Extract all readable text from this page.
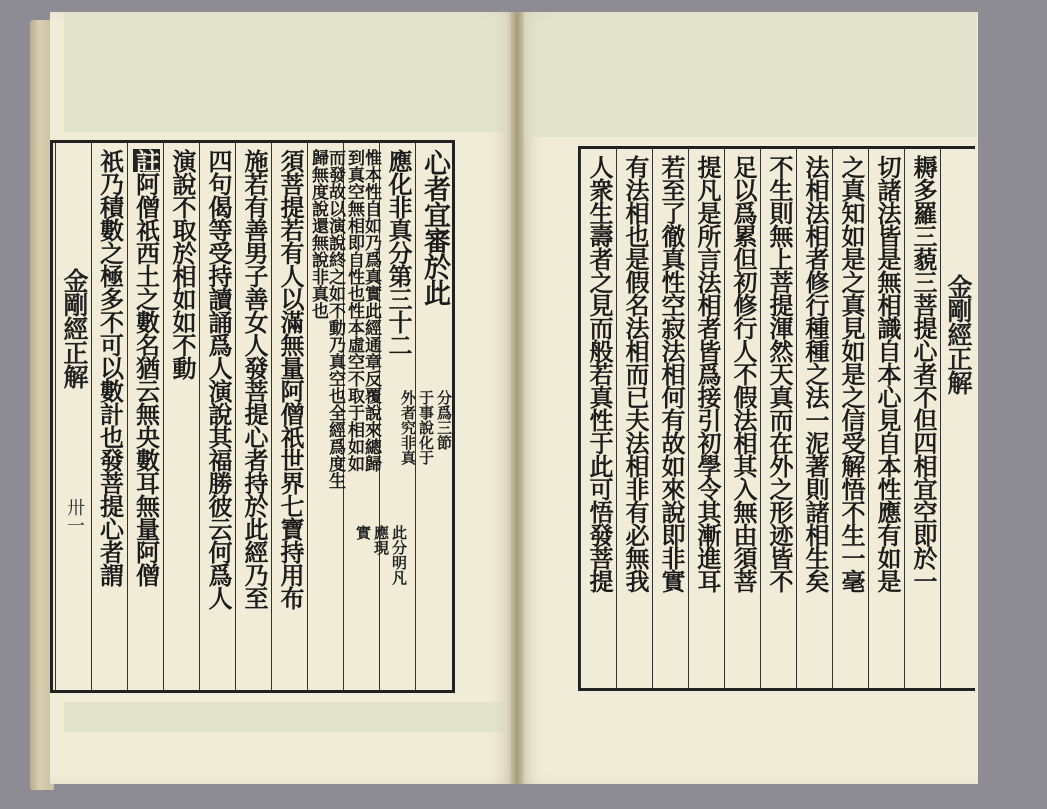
心者宜審於此
應化非真分第三十二
惟本性自如乃爲真實此經通章反覆說來總歸
到真空無相即自性也性本虛空不取于相如如
而發故以演說終之如不動乃真空也全經爲度生
歸無度說還無說非真也
須菩提若有人以滿無量阿僧祇世界七寶持用布
施若有善男子善女人發菩提心者持於此經乃至
四句偈等受持讀誦爲人演說其福勝彼云何爲人
演說不取於相如如不動
註阿僧祇西土之數名猶云無央數耳無量阿僧
祇乃積數之極多不可以數計也發菩提心者謂
金剛經正解
卅一
分爲三節
于事說化于
外者究非真
此分明凡
應現
實
金剛經正解
耨多羅三藐三菩提心者不但四相宜空即於一
切諸法皆是無相識自本心見自本性應有如是
之真知如是之真見如是之信受解悟不生一毫
法相法相者修行種種之法一泥著則諸相生矣
不生則無上菩提渾然天真而在外之形迹皆不
足以爲累但初修行人不假法相其入無由須菩
提凡是所言法相者皆爲接引初學令其漸進耳
若至了徹真性空寂法相何有故如來說即非實
有法相也是假名法相而已夫法相非有必無我
人衆生壽者之見而般若真性于此可悟發菩提
